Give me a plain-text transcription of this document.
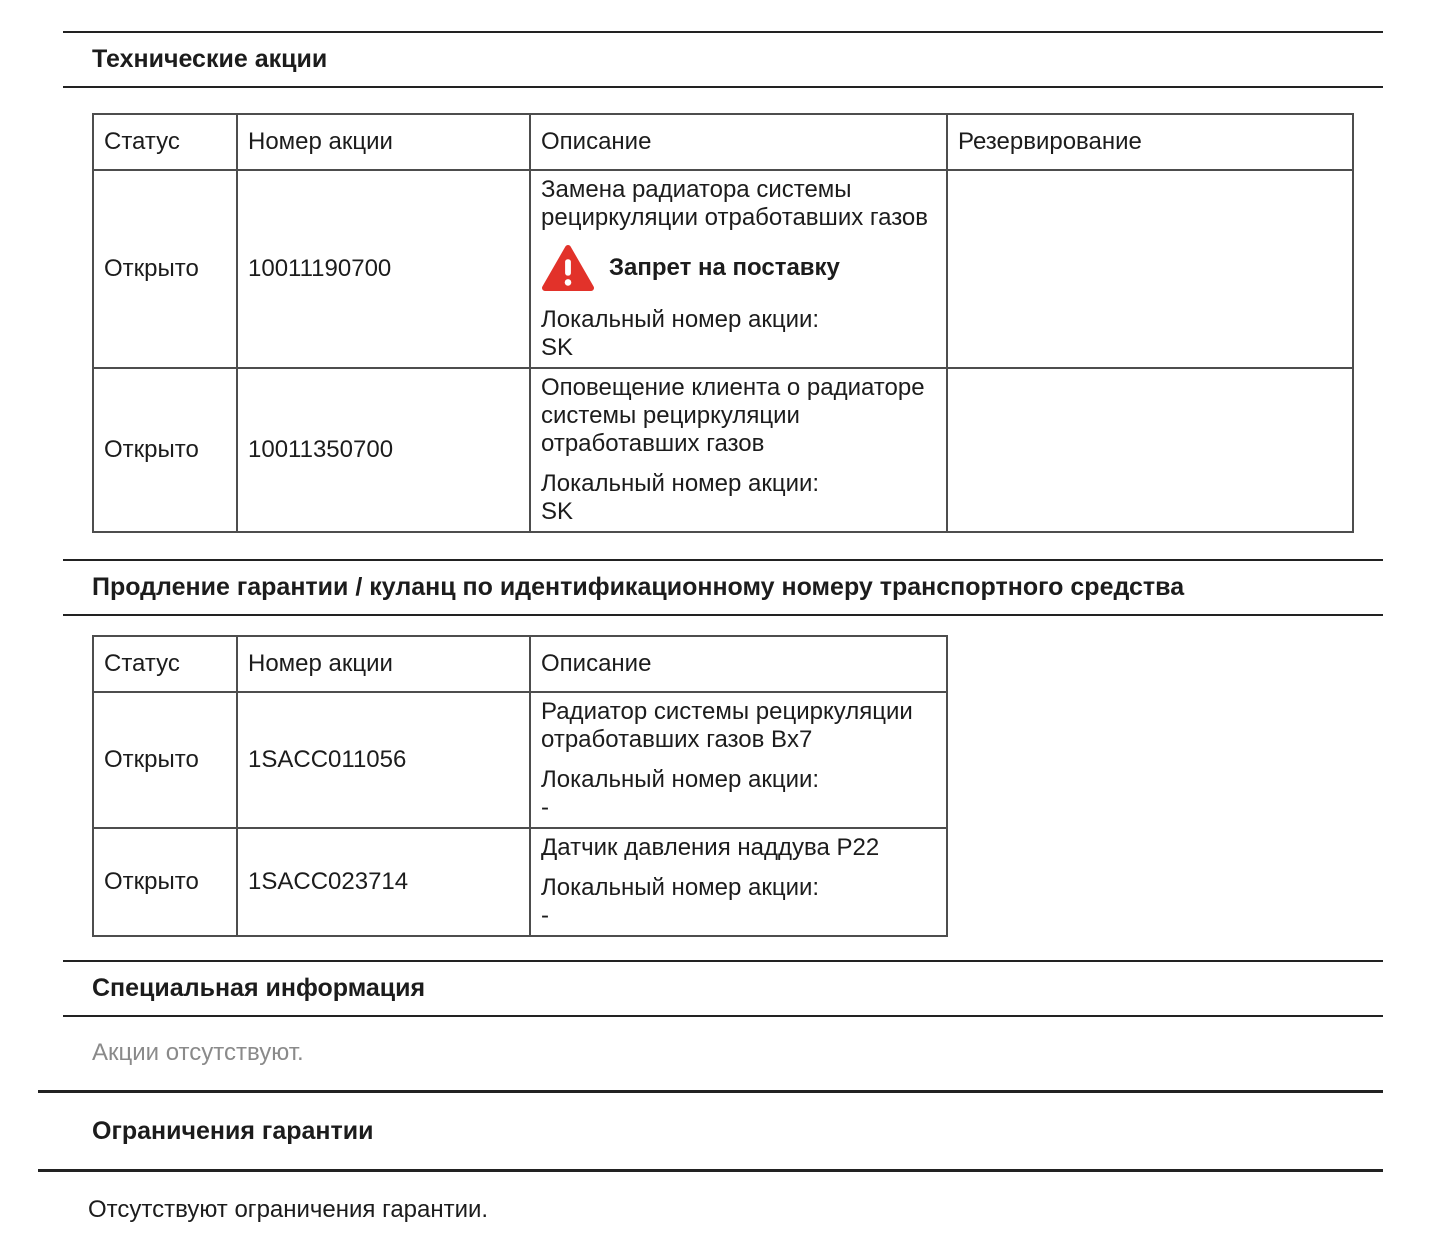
Технические акции
Статус	Номер акции	Описание	Резервирование
Открыто	10011190700	Замена радиатора системы рециркуляции отработавших газов

Запрет на поставку

Локальный номер акции:

SK	

Открыто	10011350700	Оповещение клиента о радиаторе системы рециркуляции отработавших газов

Локальный номер акции:

SK	

Продление гарантии / куланц по идентификационному номеру транспортного средства
Статус	Номер акции	Описание
Открыто	1SACC011056	Радиатор системы рециркуляции отработавших газов Bx7

Локальный номер акции:

-

Открыто	1SACC023714	Датчик давления наддува P22

Локальный номер акции:

-

Специальная информация

Акции отсутствуют.

Ограничения гарантии

Отсутствуют ограничения гарантии.
